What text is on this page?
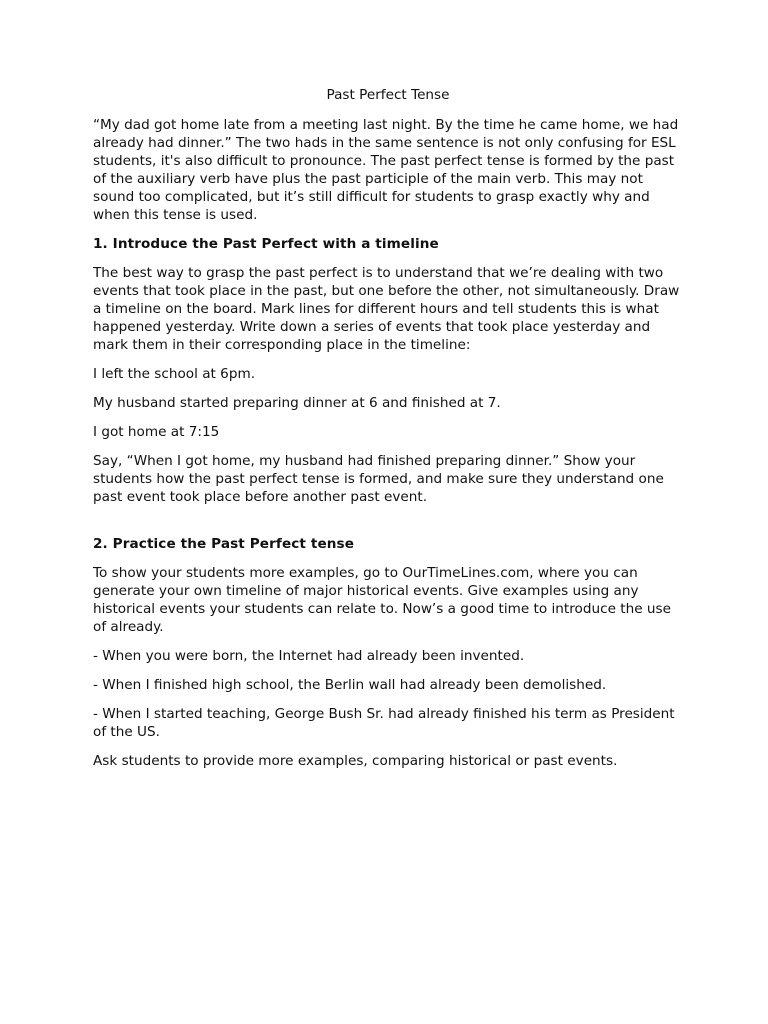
Past Perfect Tense

“My dad got home late from a meeting last night. By the time he came home, we had already had dinner.” The two hads in the same sentence is not only confusing for ESL students, it's also difficult to pronounce. The past perfect tense is formed by the past of the auxiliary verb have plus the past participle of the main verb. This may not sound too complicated, but it’s still difficult for students to grasp exactly why and when this tense is used.

1. Introduce the Past Perfect with a timeline

The best way to grasp the past perfect is to understand that we’re dealing with two events that took place in the past, but one before the other, not simultaneously. Draw a timeline on the board. Mark lines for different hours and tell students this is what happened yesterday. Write down a series of events that took place yesterday and mark them in their corresponding place in the timeline:

I left the school at 6pm.

My husband started preparing dinner at 6 and finished at 7.

I got home at 7:15

Say, “When I got home, my husband had finished preparing dinner.” Show your students how the past perfect tense is formed, and make sure they understand one past event took place before another past event.

2. Practice the Past Perfect tense

To show your students more examples, go to OurTimeLines.com, where you can generate your own timeline of major historical events. Give examples using any historical events your students can relate to. Now’s a good time to introduce the use of already.

- When you were born, the Internet had already been invented.

- When I finished high school, the Berlin wall had already been demolished.

- When I started teaching, George Bush Sr. had already finished his term as President of the US.

Ask students to provide more examples, comparing historical or past events.
